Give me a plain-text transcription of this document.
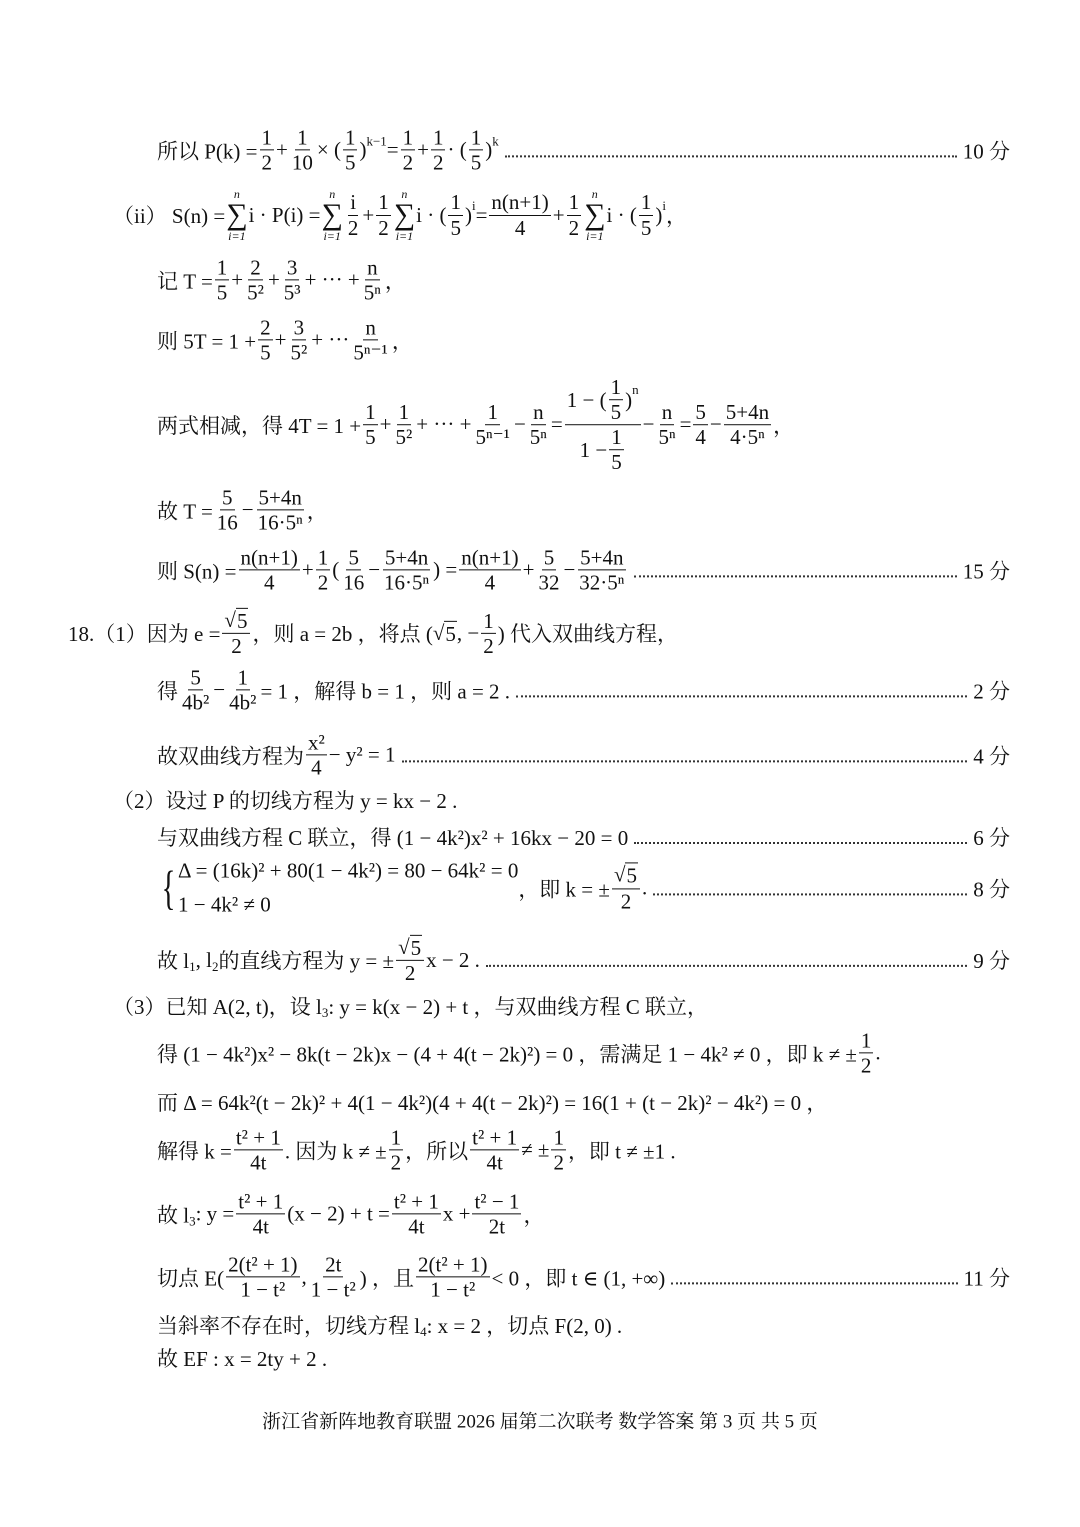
所以 $P(k) = \frac{1}{2} + \frac{1}{10}$ × ( $\frac{1}{5}$ ) $k-1 = \frac{1}{2} + \frac{1}{2}$ · ( $\frac{1}{5}$ ) k	10 分
（ii） S(n) =
n
∑
i=1
i · P(i) =
n
∑
$i=1 \frac{i}{2} + \frac{1}{2}$ n
∑
i=1
i · ( $\frac{1}{5}$ ) $i = \frac{n(n+1)}{4} + \frac{1}{2}$ n
∑
i=1
i · ( $\frac{1}{5}$ ) i ，
记 $T = \frac{1}{5} + \frac{2}{\text{5²}} + \frac{3}{\text{5³}}$ + ··· + $\frac{n}{\text{5ⁿ}}$ ，
则 $5T = 1 + \frac{2}{5} + \frac{3}{\text{5²}}$ + ··· $\frac{n}{\text{5ⁿ⁻¹}}$ ，
两式相减，得 $4T = 1 + \frac{1}{5} + \frac{1}{\text{5²}}$ + ··· + $\frac{1}{\text{5ⁿ⁻¹}} - \frac{n}{\text{5ⁿ}} = \frac{1 - ( \frac{1}{5} ) n}{1 - \frac{1}{5}} - \frac{n}{\text{5ⁿ}} = \frac{5}{4} - \frac{5+4n}{\text{4·5ⁿ}}$ ，
故 $T = \frac{5}{16} - \frac{5+4n}{\text{16·5ⁿ}}$ ，
则 $S(n) = \frac{n(n+1)}{4} + \frac{1}{2}$ ( $\frac{5}{16} - \frac{5+4n}{\text{16·5ⁿ}}$ ) = $\frac{n(n+1)}{4} + \frac{5}{32} - \frac{5+4n}{\text{32·5ⁿ}}$	15 分
18.（1）因为 $e = \frac{√ 5}{2}$ ，则 a = 2b ，将点 ( √ 5 , − $\frac{1}{2}$ ) 代入双曲线方程，
得 $\frac{5}{\text{4b²}} - \frac{1}{\text{4b²}} = 1$ ，解得 b = 1 ，则 a = 2 .	2 分
故双曲线方程为 $\frac{\text{x²}}{4} - y^2 = 1$	4 分
（2）设过 P 的切线方程为 y = kx − 2 .
与双曲线方程 C 联立，得 (1 − 4k²)x² + 16kx − 20 = 0	6 分
{ Δ = (16k)² + 80(1 − 4k²) = 80 − 64k² = 0
1 − 4k² ≠ 0
，即 k = ± $\frac{√ 5}{2}$ .	8 分
故 l 1 , l 2 的直线方程为 y = ± $\frac{√ 5}{2}$ x − 2 .	9 分
（3）已知 A(2, t)，设 l 3 : y = k(x − 2) + t ，与双曲线方程 C 联立，
得 (1 − 4k²)x² − 8k(t − 2k)x − (4 + 4(t − 2k)²) = 0 ，需满足 1 − 4k² ≠ 0 ，即 k ≠ ± $\frac{1}{2}$ .
而 Δ = 64k²(t − 2k)² + 4(1 − 4k²)(4 + 4(t − 2k)²) = 16(1 + (t − 2k)² − 4k²) = 0 ，
解得 $k = \frac{\text{t² + 1}}{4t}$ . 因为 k ≠ ± $\frac{1}{2}$ ，所以 $\frac{\text{t² + 1}}{4t}$ ≠ ± $\frac{1}{2}$ ，即 t ≠ ±1 .
故 l 3 : $y = \frac{\text{t² + 1}}{4t} (x - 2) + t = \frac{\text{t² + 1}}{4t}$ $x + \frac{\text{t² − 1}}{2t}$ ，
切点 $E( \frac{\text{2(t² + 1)}}{\text{1 − t²}}$ , $\frac{2t}{\text{1 − t²}}$ ) ，且 $\frac{\text{2(t² + 1)}}{\text{1 − t²}} < 0$ ，即 t ∈ (1, +∞)	11 分
当斜率不存在时，切线方程 l 4 : x = 2 ，切点 F(2, 0) .
故 EF : x = 2ty + 2 .
浙江省新阵地教育联盟 2026 届第二次联考 数学答案 第 3 页 共 5 页
